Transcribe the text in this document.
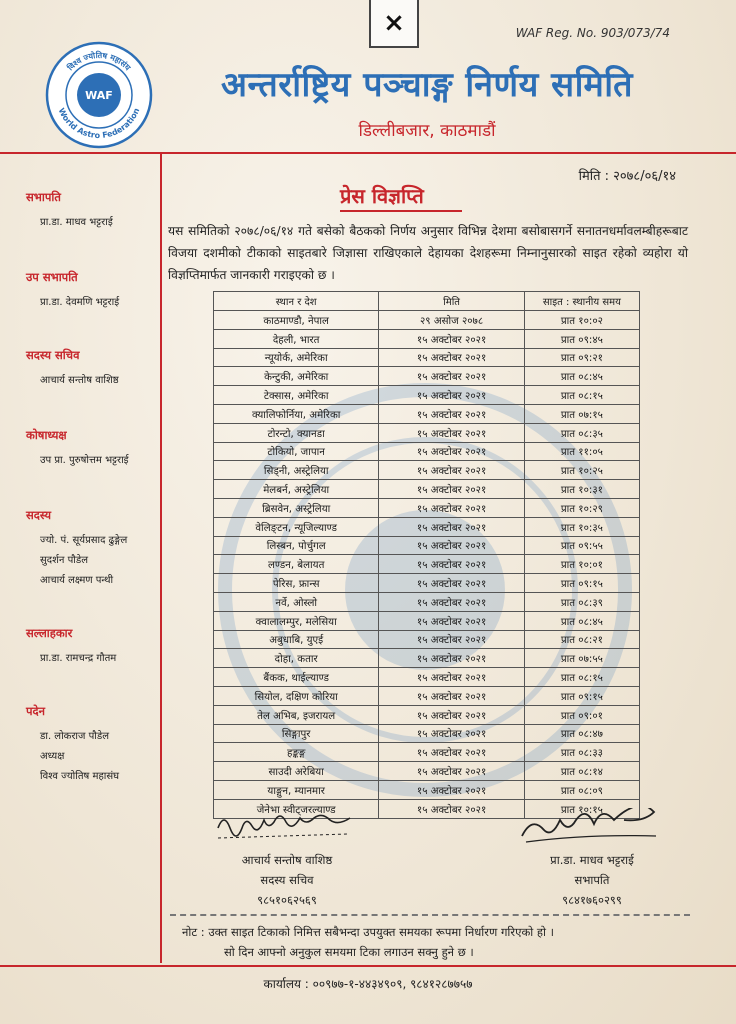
×	WAF Reg. No. 903/073/74
विश्व ज्योतिष महासंघ
World Astro Federation
WAF	अन्तर्राष्ट्रिय पञ्चाङ्ग निर्णय समिति
डिल्लीबजार, काठमाडौं
सभापति
प्रा.डा. माधव भट्टराई
उप सभापति
प्रा.डा. देवमणि भट्टराई
सदस्य सचिव
आचार्य सन्तोष वाशिष्ठ
कोषाध्यक्ष
उप प्रा. पुरुषोत्तम भट्टराई
सदस्य
ज्यो. पं. सूर्यप्रसाद ढुङ्गेल
सुदर्शन पौडेल
आचार्य लक्ष्मण पन्थी
सल्लाहकार
प्रा.डा. रामचन्द्र गौतम
पदेन
डा. लोकराज पौडेल
अध्यक्ष
विश्व ज्योतिष महासंघ
मिति : २०७८/०६/१४
प्रेस विज्ञप्ति
यस समितिको २०७८/०६/१४ गते बसेको बैठकको निर्णय अनुसार विभिन्न देशमा बसोबासगर्ने सनातनधर्मावलम्बीहरूबाट विजया दशमीको टीकाको साइतबारे जिज्ञासा राखिएकाले देहायका देशहरूमा निम्नानुसारको साइत रहेको व्यहोरा यो विज्ञप्तिमार्फत जानकारी गराइएको छ ।
स्थान र देश	मिति	साइत : स्थानीय समय
काठमाण्डौ, नेपाल	२९ असोज २०७८	प्रात १०:०२
देहली, भारत	१५ अक्टोबर २०२१	प्रात ०९:४५
न्यूयोर्क, अमेरिका	१५ अक्टोबर २०२१	प्रात ०९:२१
केन्टुकी, अमेरिका	१५ अक्टोबर २०२१	प्रात ०८:४५
टेक्सास, अमेरिका	१५ अक्टोबर २०२१	प्रात ०८:१५
क्यालिफोर्निया, अमेरिका	१५ अक्टोबर २०२१	प्रात ०७:१५
टोरन्टो, क्यानडा	१५ अक्टोबर २०२१	प्रात ०८:३५
टोकियो, जापान	१५ अक्टोबर २०२१	प्रात ११:०५
सिड्नी, अस्ट्रेलिया	१५ अक्टोबर २०२१	प्रात १०:२५
मेलबर्न, अस्ट्रेलिया	१५ अक्टोबर २०२१	प्रात १०:३१
ब्रिसवेन, अस्ट्रेलिया	१५ अक्टोबर २०२१	प्रात १०:२९
वेलिङ्टन, न्यूजिल्याण्ड	१५ अक्टोबर २०२१	प्रात १०:३५
लिस्बन, पोर्चुगल	१५ अक्टोबर २०२१	प्रात ०९:५५
लण्डन, बेलायत	१५ अक्टोबर २०२१	प्रात १०:०१
पेरिस, फ्रान्स	१५ अक्टोबर २०२१	प्रात ०९:१५
नर्वे, ओस्लो	१५ अक्टोबर २०२१	प्रात ०८:३९
क्वालालम्पुर, मलेसिया	१५ अक्टोबर २०२१	प्रात ०८:४५
अबुधाबि, युएई	१५ अक्टोबर २०२१	प्रात ०८:२१
दोहा, कतार	१५ अक्टोबर २०२१	प्रात ०७:५५
बैंकक, थाईल्याण्ड	१५ अक्टोबर २०२१	प्रात ०८:१५
सियोल, दक्षिण कोरिया	१५ अक्टोबर २०२१	प्रात ०९:१५
तेल अभिब, इजरायल	१५ अक्टोबर २०२१	प्रात ०९:०१
सिङ्गापुर	१५ अक्टोबर २०२१	प्रात ०८:४७
हङ्कङ्ग	१५ अक्टोबर २०२१	प्रात ०८:३३
साउदी अरेबिया	१५ अक्टोबर २०२१	प्रात ०८:१४
याङ्गुन, म्यानमार	१५ अक्टोबर २०२१	प्रात ०८:०९
जेनेभा स्वीट्जरल्याण्ड	१५ अक्टोबर २०२१	प्रात १०:१५
आचार्य सन्तोष वाशिष्ठ
सदस्य सचिव
९८५१०६२५६९
प्रा.डा. माधव भट्टराई
सभापति
९८४१७६०२९९
नोट : उक्त साइत टिकाको निमित्त सबैभन्दा उपयुक्त समयका रूपमा निर्धारण गरिएको हो ।
सो दिन आफ्नो अनुकुल समयमा टिका लगाउन सक्नु हुने छ ।
कार्यालय : ००९७७-१-४४३४९०९, ९८४१२८७७५७
